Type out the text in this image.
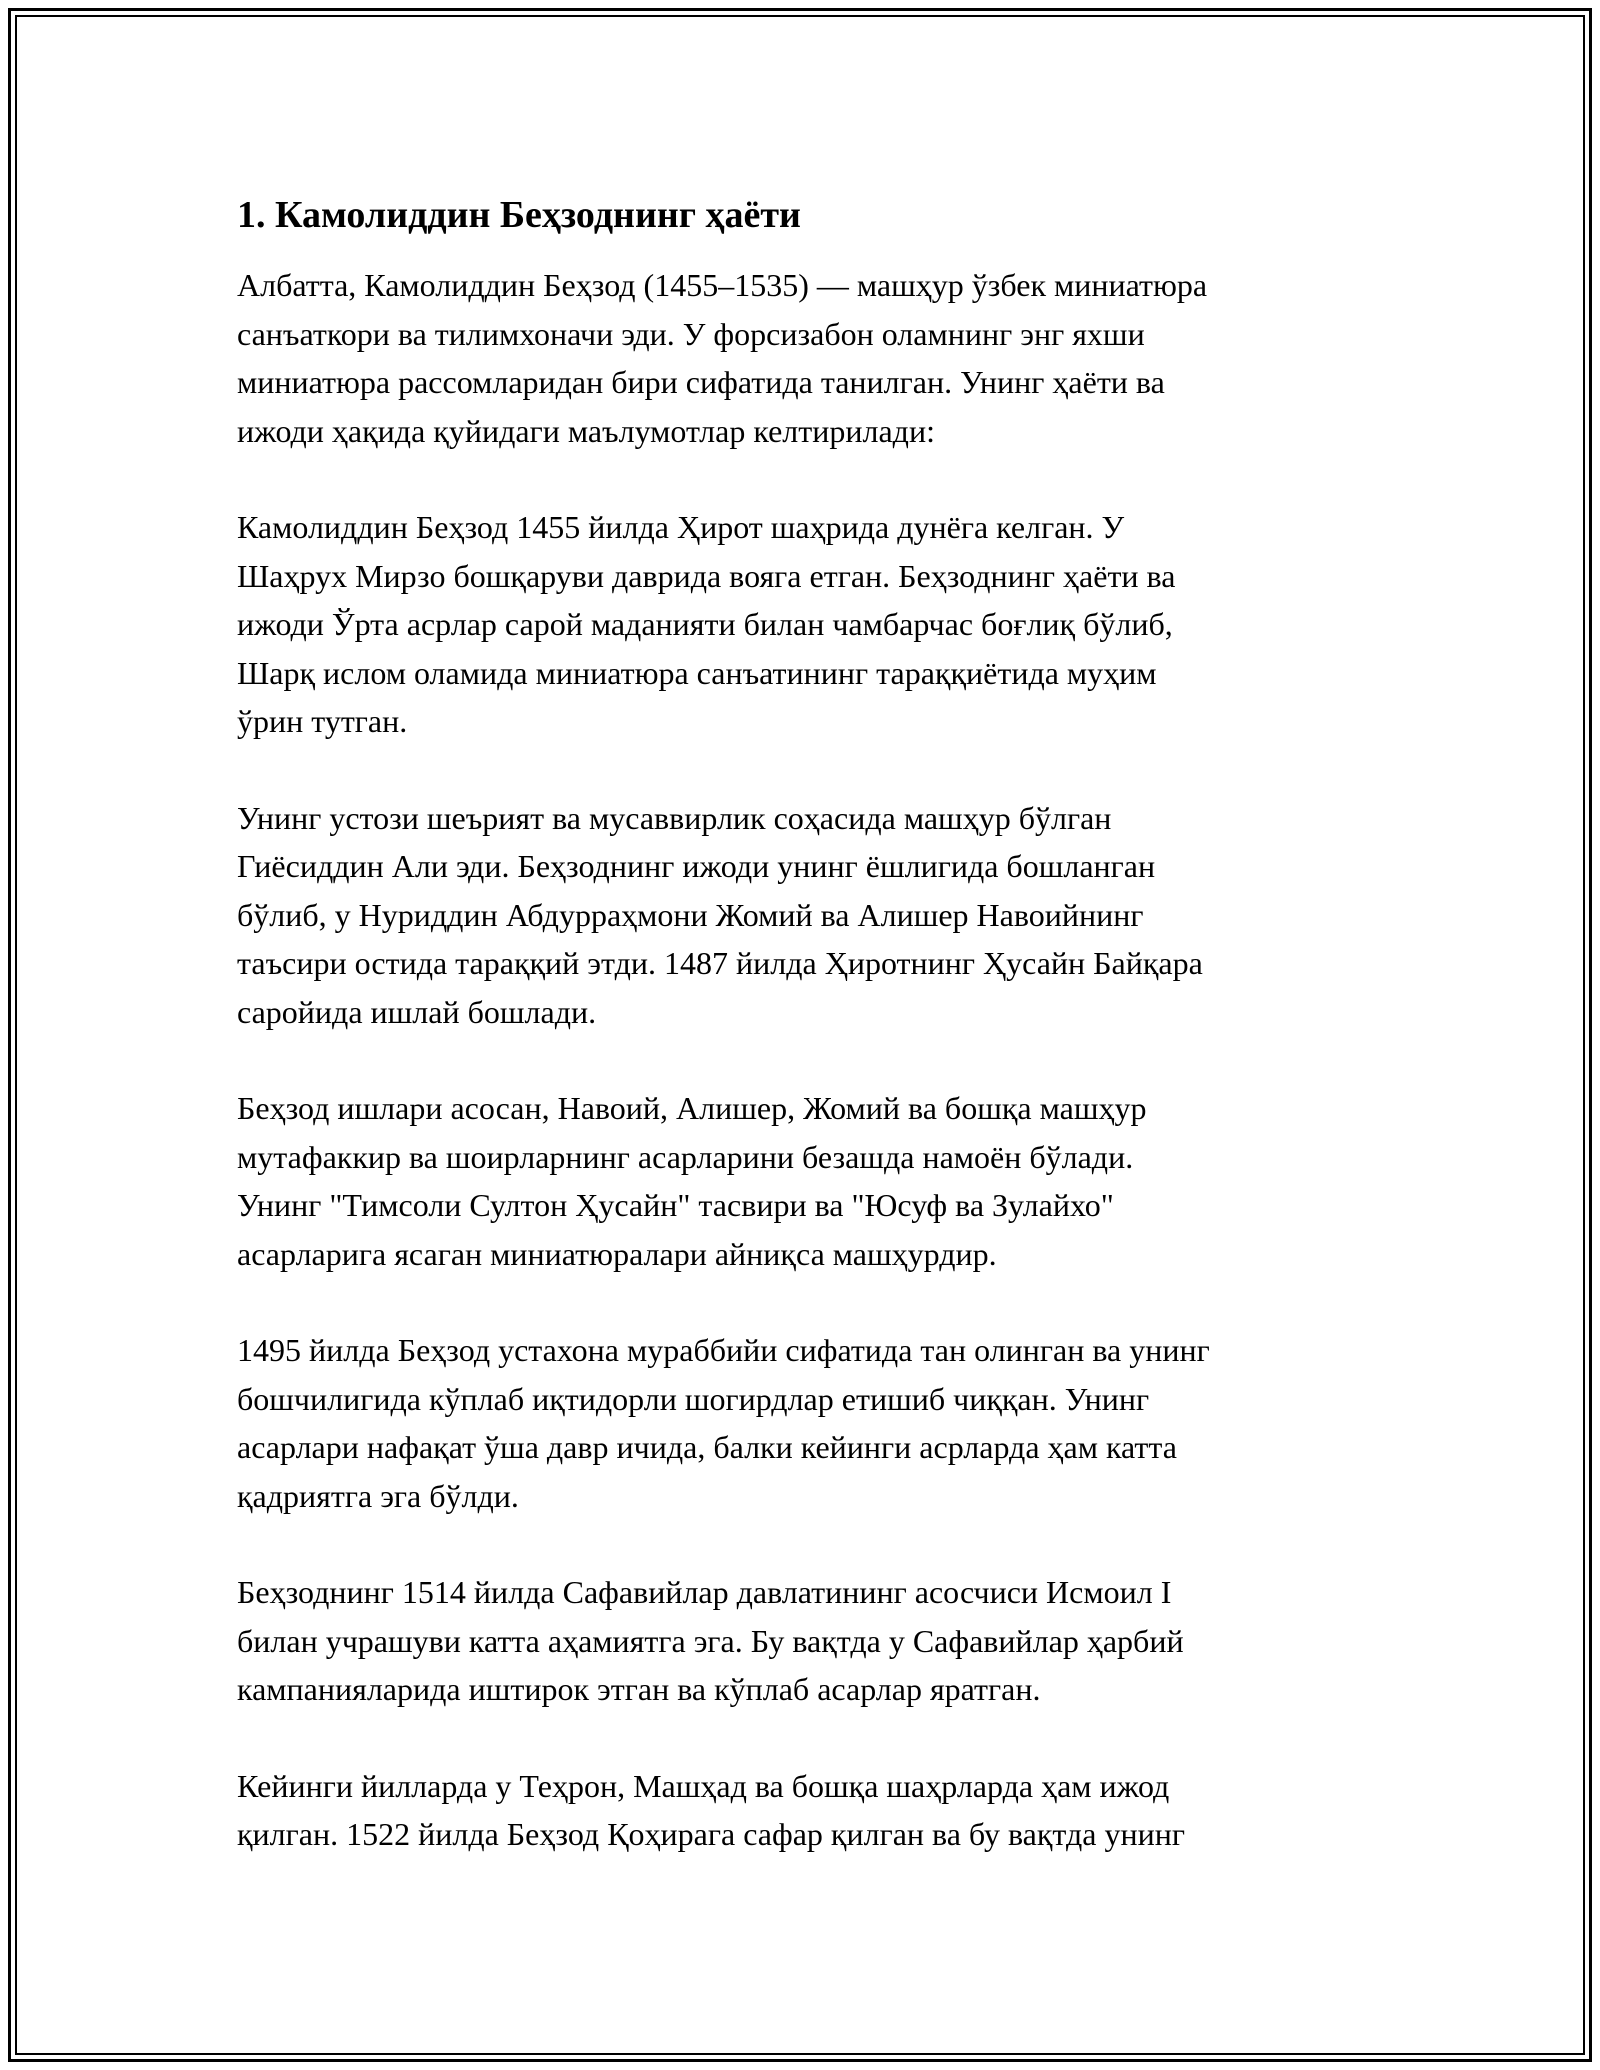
1. Камолиддин Беҳзоднинг ҳаёти

Албатта, Камолиддин Беҳзод (1455–1535) — машҳур ўзбек миниатюра
санъаткори ва тилимхоначи эди. У форсизабон оламнинг энг яхши
миниатюра рассомларидан бири сифатида танилган. Унинг ҳаёти ва
ижоди ҳақида қуйидаги маълумотлар келтирилади:

Камолиддин Беҳзод 1455 йилда Ҳирот шаҳрида дунёга келган. У
Шаҳрух Мирзо бошқаруви даврида вояга етган. Беҳзоднинг ҳаёти ва
ижоди Ўрта асрлар сарой маданияти билан чамбарчас боғлиқ бўлиб,
Шарқ ислом оламида миниатюра санъатининг тараққиётида муҳим
ўрин тутган.

Унинг устози шеърият ва мусаввирлик соҳасида машҳур бўлган
Гиёсиддин Али эди. Беҳзоднинг ижоди унинг ёшлигида бошланган
бўлиб, у Нуриддин Абдурраҳмони Жомий ва Алишер Навоийнинг
таъсири остида тараққий этди. 1487 йилда Ҳиротнинг Ҳусайн Байқара
саройида ишлай бошлади.

Беҳзод ишлари асосан, Навоий, Алишер, Жомий ва бошқа машҳур
мутафаккир ва шоирларнинг асарларини безашда намоён бўлади.
Унинг "Тимсоли Султон Ҳусайн" тасвири ва "Юсуф ва Зулайхо"
асарларига ясаган миниатюралари айниқса машҳурдир.

1495 йилда Беҳзод устахона мураббийи сифатида тан олинган ва унинг
бошчилигида кўплаб иқтидорли шогирдлар етишиб чиққан. Унинг
асарлари нафақат ўша давр ичида, балки кейинги асрларда ҳам катта
қадриятга эга бўлди.

Беҳзоднинг 1514 йилда Сафавийлар давлатининг асосчиси Исмоил I
билан учрашуви катта аҳамиятга эга. Бу вақтда у Сафавийлар ҳарбий
кампанияларида иштирок этган ва кўплаб асарлар яратган.

Кейинги йилларда у Теҳрон, Машҳад ва бошқа шаҳрларда ҳам ижод
қилган. 1522 йилда Беҳзод Қоҳирага сафар қилган ва бу вақтда унинг
